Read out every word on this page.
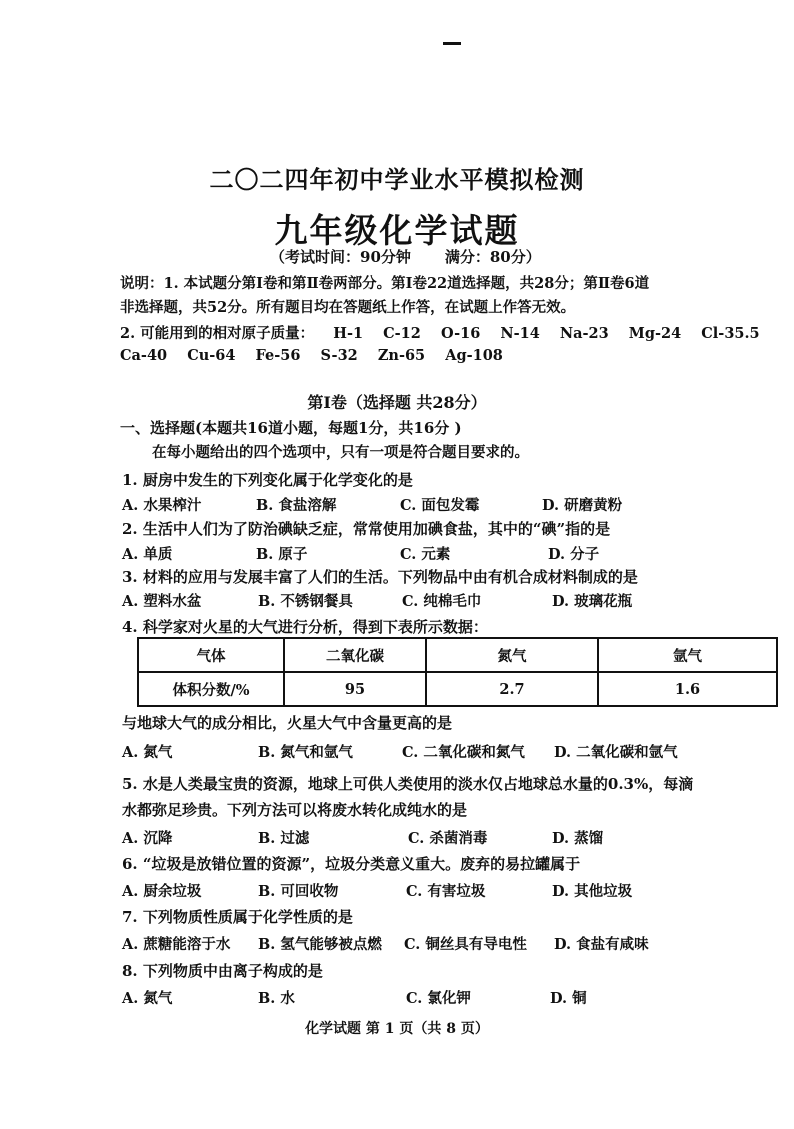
二〇二四年初中学业水平模拟检测
九年级化学试题
（考试时间：90分钟 满分：80分）
说明：1. 本试题分第Ⅰ卷和第Ⅱ卷两部分。第Ⅰ卷22道选择题，共28分；第Ⅱ卷6道
非选择题，共52分。所有题目均在答题纸上作答，在试题上作答无效。
2. 可能用到的相对原子质量： H-1 C-12 O-16 N-14 Na-23 Mg-24 Cl-35.5
Ca-40 Cu-64 Fe-56 S-32 Zn-65 Ag-108
第Ⅰ卷（选择题 共28分）
一、选择题(本题共16道小题，每题1分，共16分 )
在每小题给出的四个选项中，只有一项是符合题目要求的。
1. 厨房中发生的下列变化属于化学变化的是
A. 水果榨汁	B. 食盐溶解	C. 面包发霉	D. 研磨黄粉
2. 生活中人们为了防治碘缺乏症，常常使用加碘食盐，其中的“碘”指的是
A. 单质	B. 原子	C. 元素	D. 分子
3. 材料的应用与发展丰富了人们的生活。下列物品中由有机合成材料制成的是
A. 塑料水盆	B. 不锈钢餐具	C. 纯棉毛巾	D. 玻璃花瓶
4. 科学家对火星的大气进行分析，得到下表所示数据：
气体	二氧化碳	氮气	氩气
体积分数/%	95	2.7	1.6
与地球大气的成分相比，火星大气中含量更高的是
A. 氮气	B. 氮气和氩气	C. 二氧化碳和氮气 D. 二氧化碳和氩气
5. 水是人类最宝贵的资源，地球上可供人类使用的淡水仅占地球总水量的0.3%，每滴
水都弥足珍贵。下列方法可以将废水转化成纯水的是
A. 沉降	B. 过滤	C. 杀菌消毒	D. 蒸馏
6. “垃圾是放错位置的资源”，垃圾分类意义重大。废弃的易拉罐属于
A. 厨余垃圾	B. 可回收物	C. 有害垃圾	D. 其他垃圾
7. 下列物质性质属于化学性质的是
A. 蔗糖能溶于水 B. 氢气能够被点燃 C. 铜丝具有导电性 D. 食盐有咸味
8. 下列物质中由离子构成的是
A. 氮气	B. 水	C. 氯化钾	D. 铜
化学试题 第 1 页（共 8 页）
